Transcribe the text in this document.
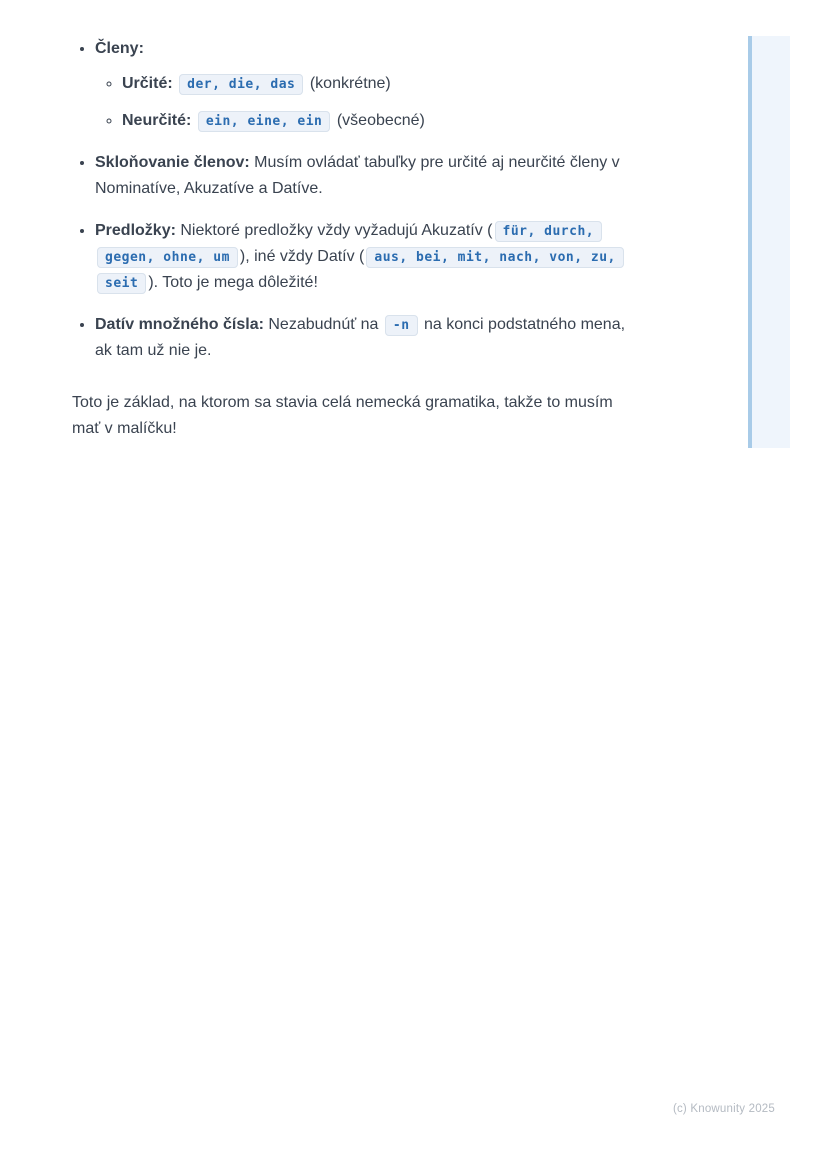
• Členy:
◦ Určité: der, die, das (konkrétne)
◦ Neurčité: ein, eine, ein (všeobecné)
• Skloňovanie členov: Musím ovládať tabuľky pre určité aj neurčité členy v Nominatíve, Akuzatíve a Datíve.
• Predložky: Niektoré predložky vždy vyžadujú Akuzatív ( für, durch, gegen, ohne, um ), iné vždy Datív ( aus, bei, mit, nach, von, zu, seit ). Toto je mega dôležité!
• Datív množného čísla: Nezabudnúť na -n na konci podstatného mena, ak tam už nie je.

Toto je základ, na ktorom sa stavia celá nemecká gramatika, takže to musím mať v malíčku!

(c) Knowunity 2025
